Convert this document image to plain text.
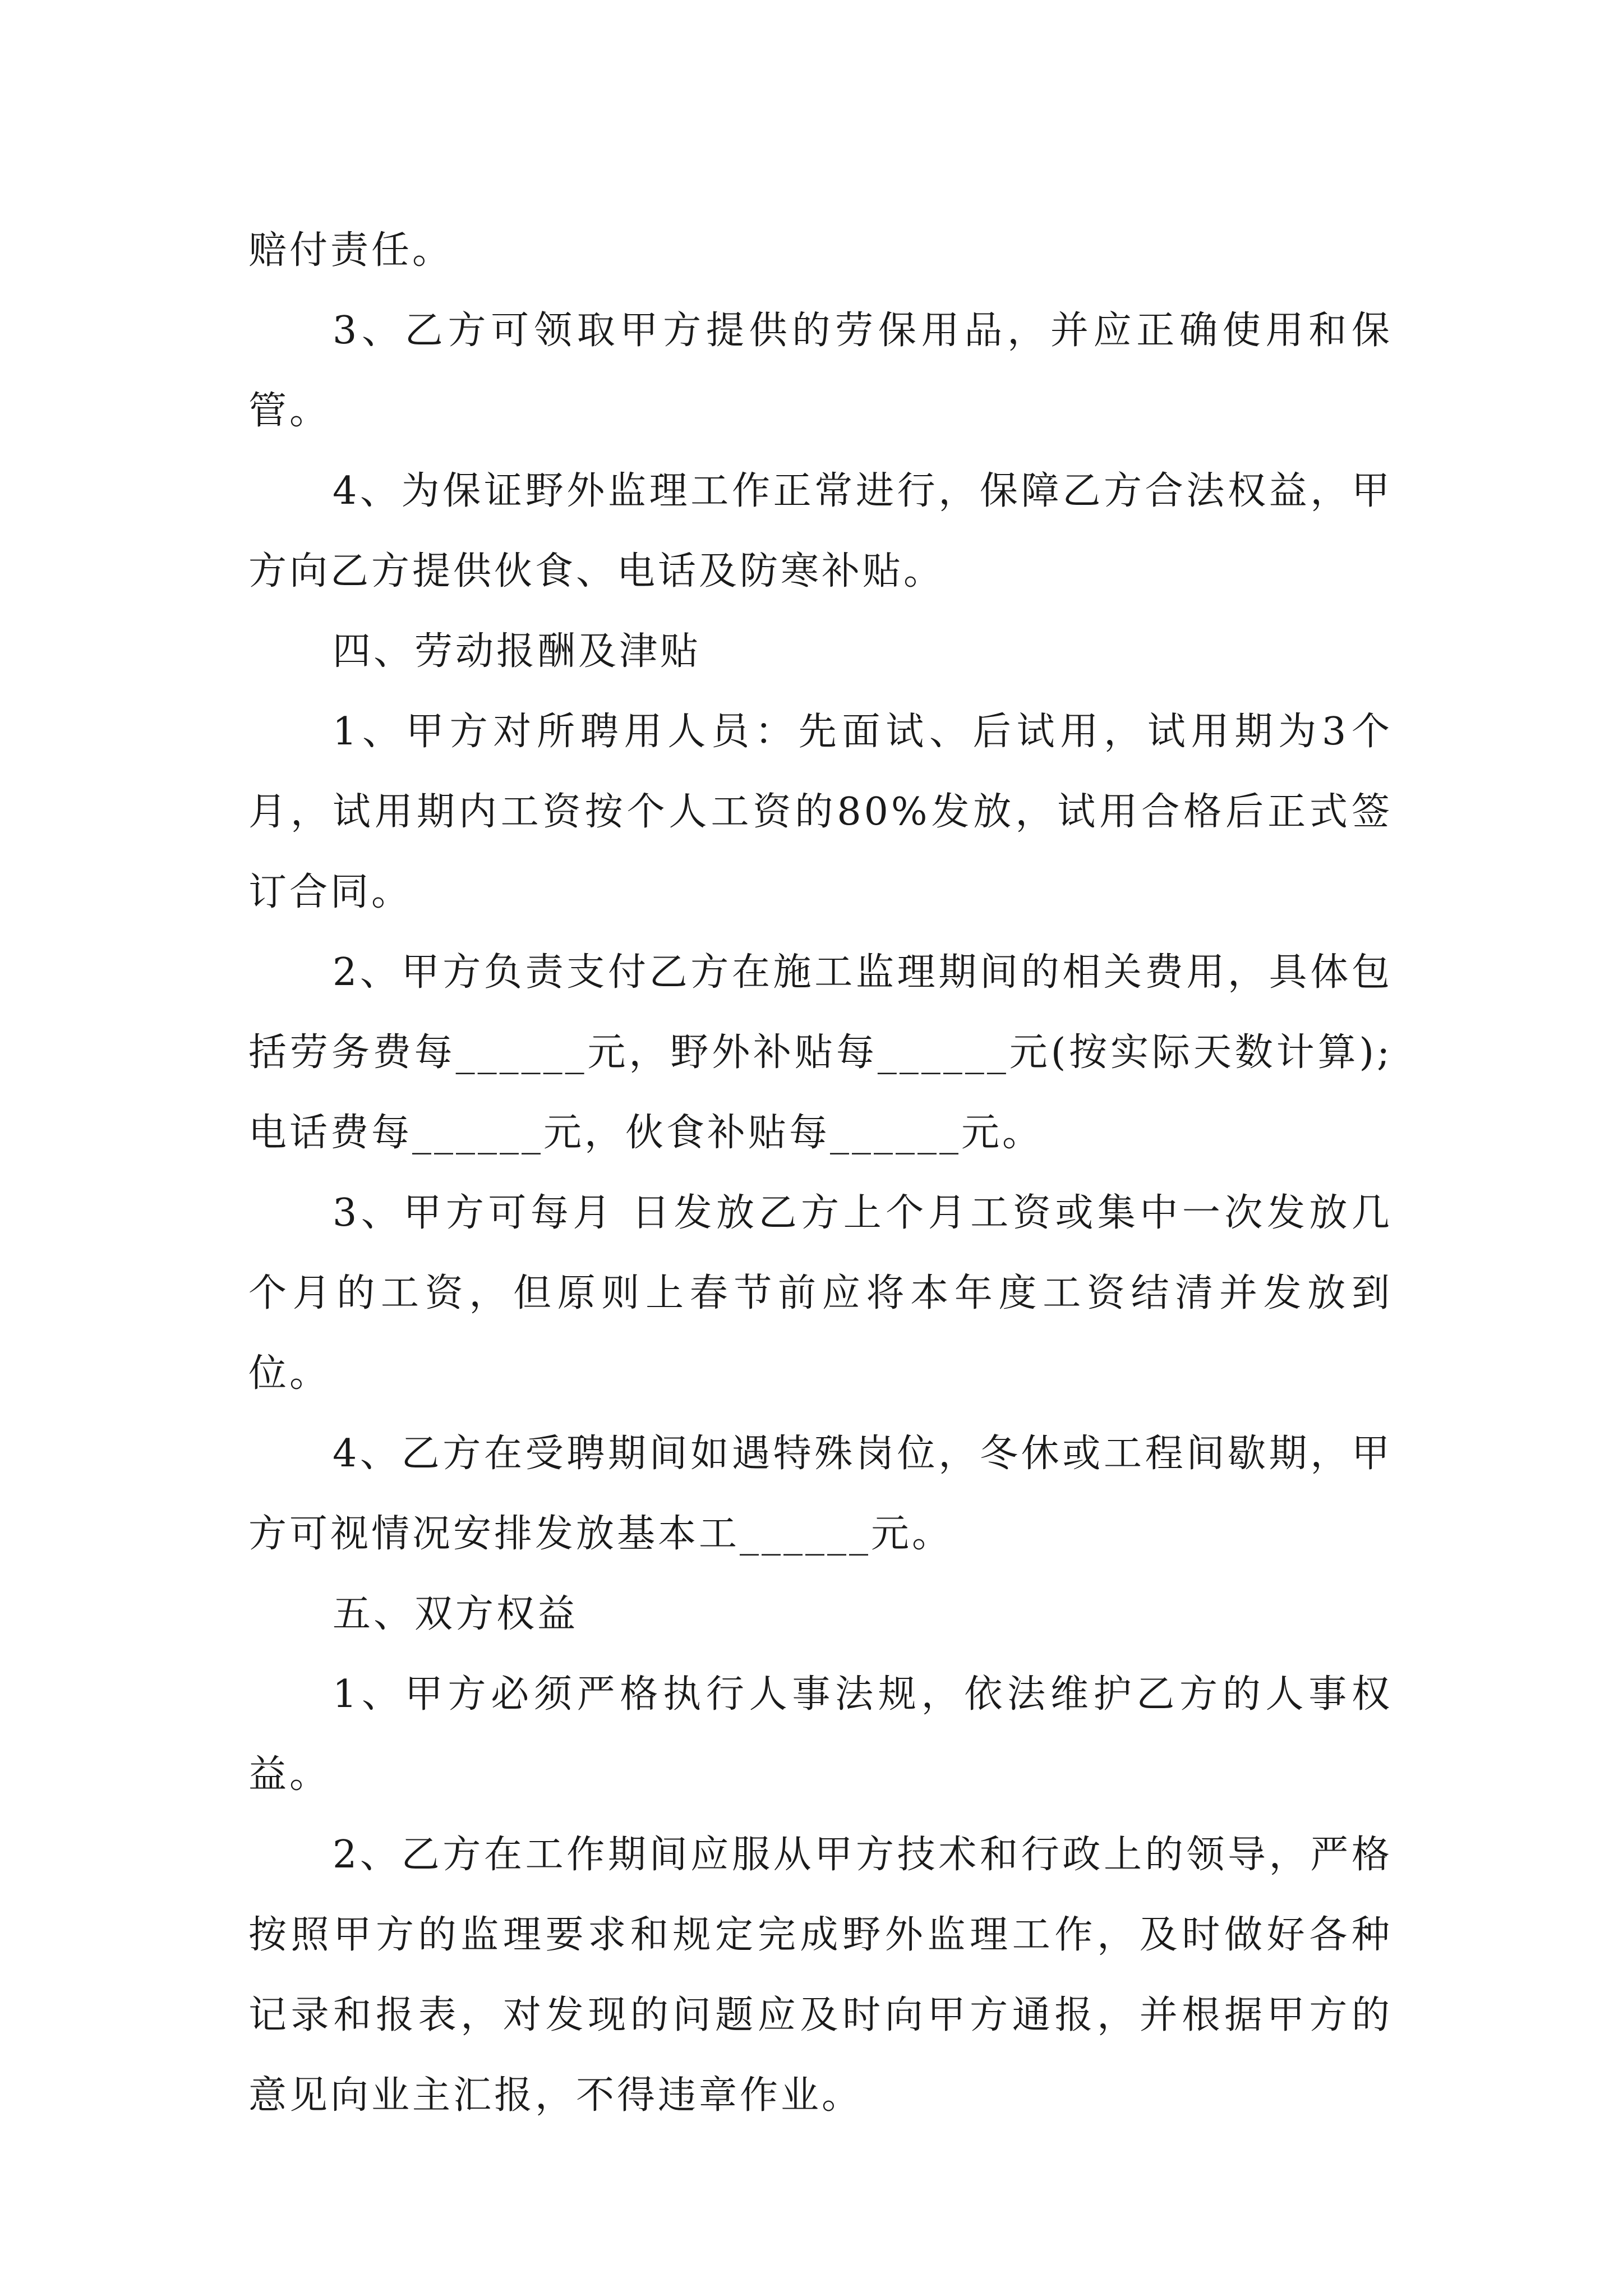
赔付责任。

3、乙方可领取甲方提供的劳保用品，并应正确使用和保管。

4、为保证野外监理工作正常进行，保障乙方合法权益，甲方向乙方提供伙食、电话及防寒补贴。

四、劳动报酬及津贴

1、甲方对所聘用人员：先面试、后试用，试用期为3个月，试用期内工资按个人工资的80%发放，试用合格后正式签订合同。

2、甲方负责支付乙方在施工监理期间的相关费用，具体包括劳务费每______元，野外补贴每______元(按实际天数计算);电话费每______元，伙食补贴每______元。

3、甲方可每月 日发放乙方上个月工资或集中一次发放几个月的工资，但原则上春节前应将本年度工资结清并发放到位。

4、乙方在受聘期间如遇特殊岗位，冬休或工程间歇期，甲方可视情况安排发放基本工______元。

五、双方权益

1、甲方必须严格执行人事法规，依法维护乙方的人事权益。

2、乙方在工作期间应服从甲方技术和行政上的领导，严格按照甲方的监理要求和规定完成野外监理工作，及时做好各种记录和报表，对发现的问题应及时向甲方通报，并根据甲方的意见向业主汇报，不得违章作业。
